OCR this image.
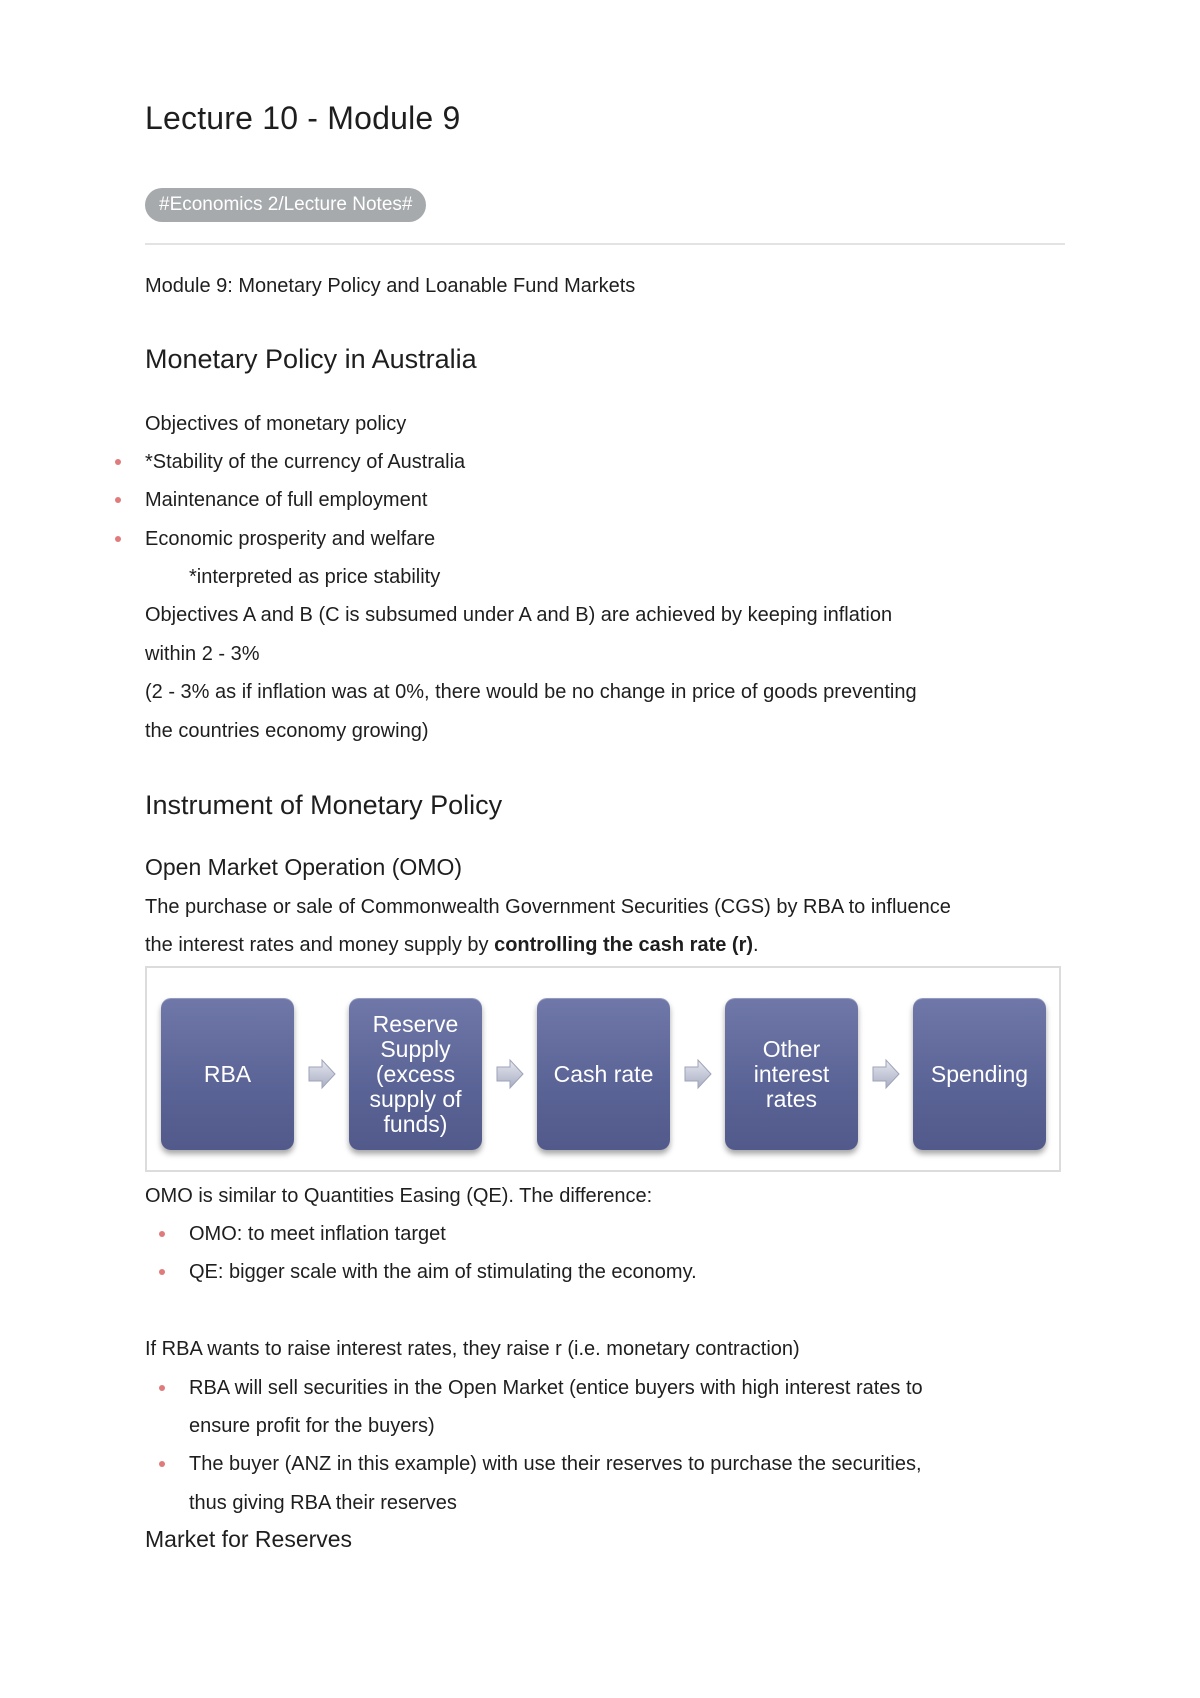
Lecture 10 - Module 9
#Economics 2/Lecture Notes#
Module 9: Monetary Policy and Loanable Fund Markets
Monetary Policy in Australia
Objectives of monetary policy
*Stability of the currency of Australia
Maintenance of full employment
Economic prosperity and welfare
*interpreted as price stability
Objectives A and B (C is subsumed under A and B) are achieved by keeping inflation
within 2 - 3%
(2 - 3% as if inflation was at 0%, there would be no change in price of goods preventing
the countries economy growing)
Instrument of Monetary Policy
Open Market Operation (OMO)
The purchase or sale of Commonwealth Government Securities (CGS) by RBA to influence
the interest rates and money supply by controlling the cash rate (r).
RBA
Reserve
Supply
(excess
supply of
funds)
Cash rate
Other
interest
rates
Spending
OMO is similar to Quantities Easing (QE). The difference:
OMO: to meet inflation target
QE: bigger scale with the aim of stimulating the economy.
If RBA wants to raise interest rates, they raise r (i.e. monetary contraction)
RBA will sell securities in the Open Market (entice buyers with high interest rates to
ensure profit for the buyers)
The buyer (ANZ in this example) with use their reserves to purchase the securities,
thus giving RBA their reserves
Market for Reserves
